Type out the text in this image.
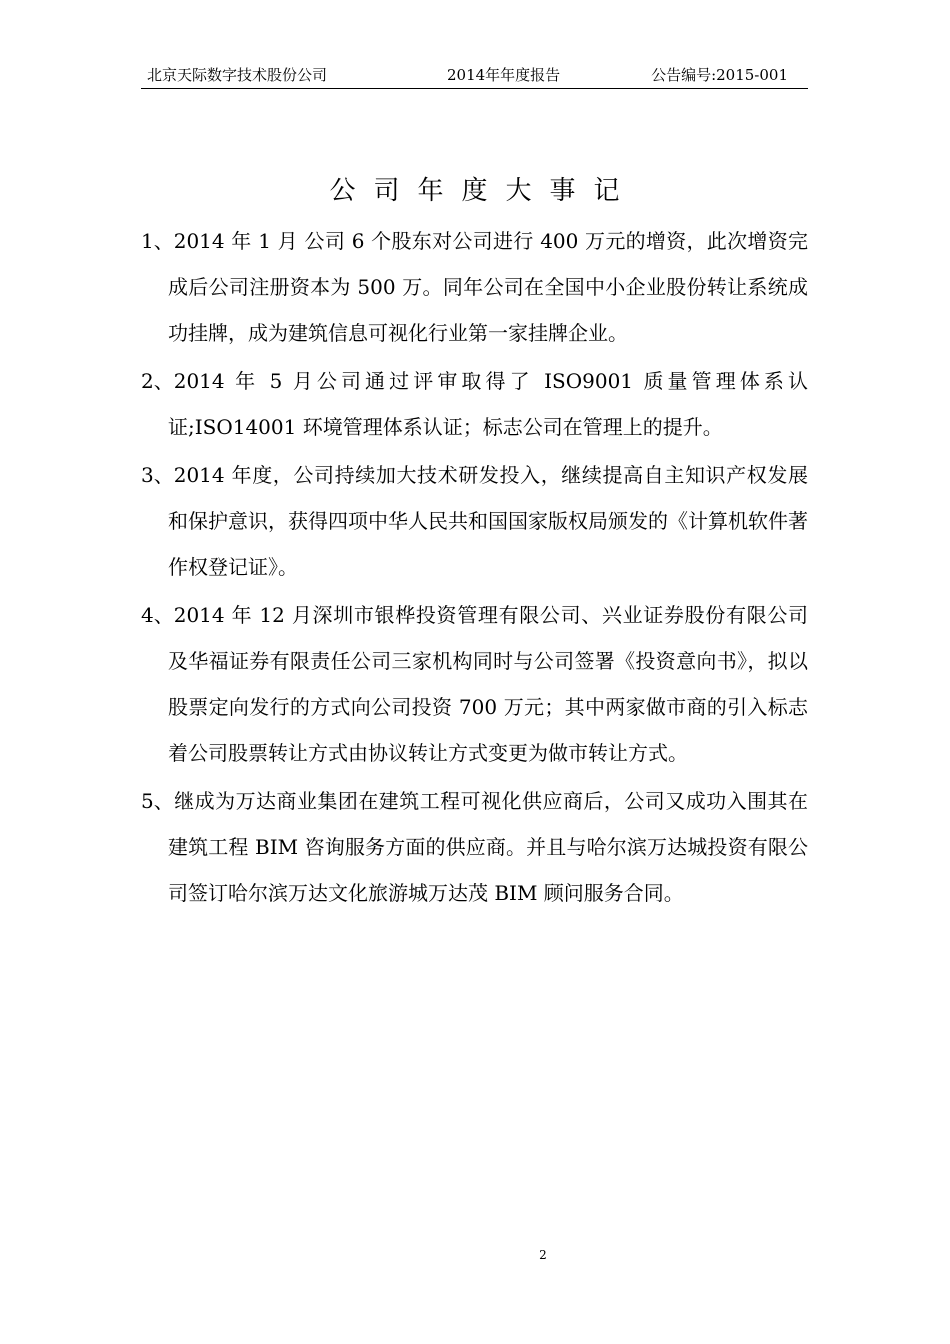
北京天际数字技术股份公司	2014年年度报告	公告编号:2015-001
公司年度大事记
1、2014 年 1 月 公司 6 个股东对公司进行 400 万元的增资，此次增资完成后公司注册资本为 500 万。同年公司在全国中小企业股份转让系统成功挂牌，成为建筑信息可视化行业第一家挂牌企业。
2、2014 年 5 月公司通过评审取得了 ISO9001 质量管理体系认证;ISO14001 环境管理体系认证；标志公司在管理上的提升。
3、2014 年度，公司持续加大技术研发投入，继续提高自主知识产权发展和保护意识，获得四项中华人民共和国国家版权局颁发的《计算机软件著作权登记证》。
4、2014 年 12 月深圳市银桦投资管理有限公司、兴业证券股份有限公司及华福证券有限责任公司三家机构同时与公司签署《投资意向书》，拟以股票定向发行的方式向公司投资 700 万元；其中两家做市商的引入标志着公司股票转让方式由协议转让方式变更为做市转让方式。
5、继成为万达商业集团在建筑工程可视化供应商后，公司又成功入围其在建筑工程 BIM 咨询服务方面的供应商。并且与哈尔滨万达城投资有限公司签订哈尔滨万达文化旅游城万达茂 BIM 顾问服务合同。
2
